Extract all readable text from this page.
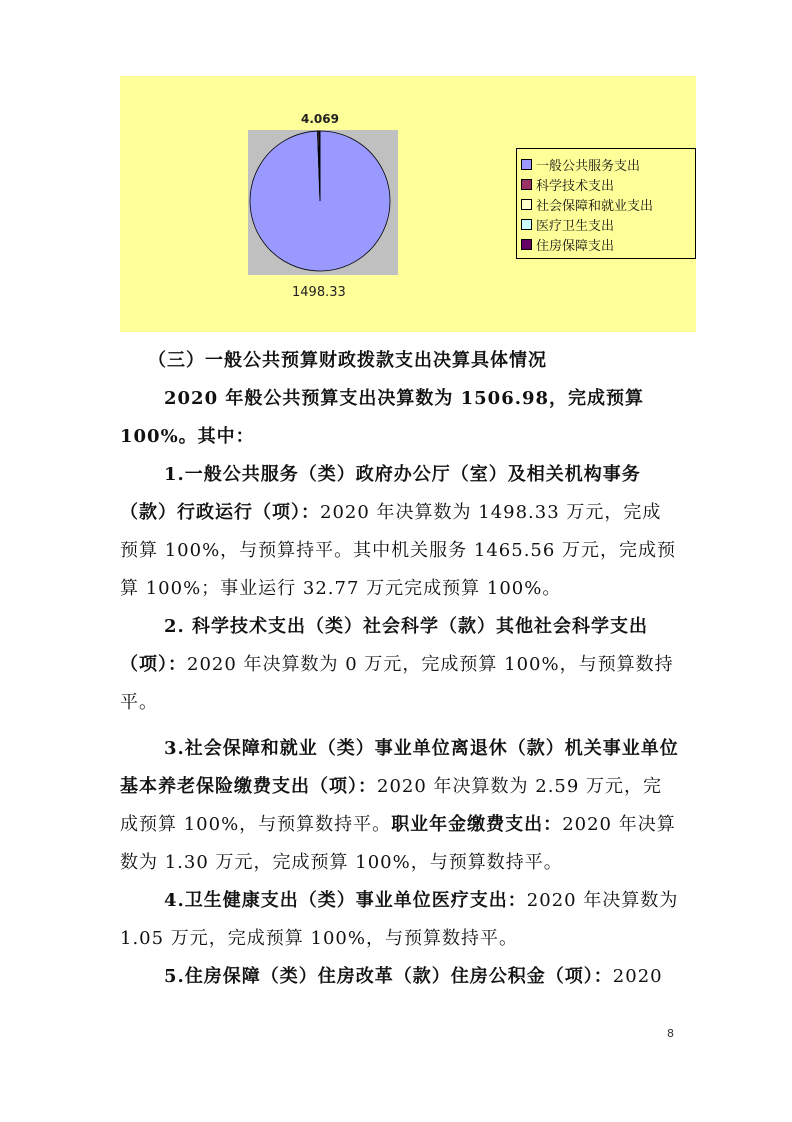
4.069
1498.33
一般公共服务支出
科学技术支出
社会保障和就业支出
医疗卫生支出
住房保障支出

（三）一般公共预算财政拨款支出决算具体情况

2020 年般公共预算支出决算数为 1506.98，完成预算100%。其中：

1.一般公共服务（类）政府办公厅（室）及相关机构事务（款）行政运行（项）：2020 年决算数为 1498.33 万元，完成预算 100%，与预算持平。其中机关服务 1465.56 万元，完成预算 100%；事业运行 32.77 万元完成预算 100%。

2. 科学技术支出（类）社会科学（款）其他社会科学支出（项）：2020 年决算数为 0 万元，完成预算 100%，与预算数持平。

3.社会保障和就业（类）事业单位离退休（款）机关事业单位基本养老保险缴费支出（项）：2020 年决算数为 2.59 万元，完成预算 100%，与预算数持平。职业年金缴费支出：2020 年决算数为 1.30 万元，完成预算 100%，与预算数持平。

4.卫生健康支出（类）事业单位医疗支出：2020 年决算数为 1.05 万元，完成预算 100%，与预算数持平。

5.住房保障（类）住房改革（款）住房公积金（项）：2020

8
